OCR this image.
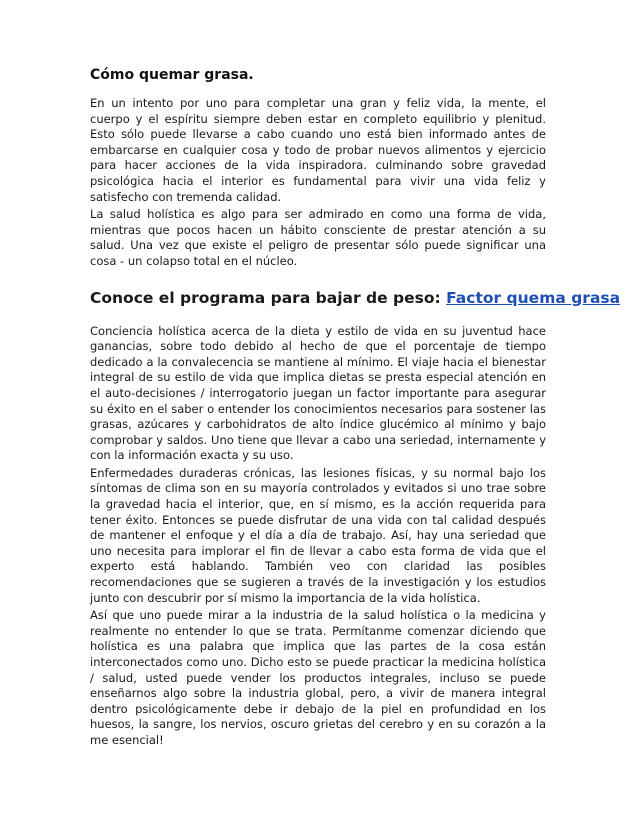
Cómo quemar grasa.

En un intento por uno para completar una gran y feliz vida, la mente, el cuerpo y el espíritu siempre deben estar en completo equilibrio y plenitud. Esto sólo puede llevarse a cabo cuando uno está bien informado antes de embarcarse en cualquier cosa y todo de probar nuevos alimentos y ejercicio para hacer acciones de la vida inspiradora. culminando sobre gravedad psicológica hacia el interior es fundamental para vivir una vida feliz y satisfecho con tremenda calidad.

La salud holística es algo para ser admirado en como una forma de vida, mientras que pocos hacen un hábito consciente de prestar atención a su salud. Una vez que existe el peligro de presentar sólo puede significar una cosa - un colapso total en el núcleo.

Conoce el programa para bajar de peso: Factor quema grasa

Conciencia holística acerca de la dieta y estilo de vida en su juventud hace ganancias, sobre todo debido al hecho de que el porcentaje de tiempo dedicado a la convalecencia se mantiene al mínimo. El viaje hacia el bienestar integral de su estilo de vida que implica dietas se presta especial atención en el auto-decisiones / interrogatorio juegan un factor importante para asegurar su éxito en el saber o entender los conocimientos necesarios para sostener las grasas, azúcares y carbohidratos de alto índice glucémico al mínimo y bajo comprobar y saldos. Uno tiene que llevar a cabo una seriedad, internamente y con la información exacta y su uso.

Enfermedades duraderas crónicas, las lesiones físicas, y su normal bajo los síntomas de clima son en su mayoría controlados y evitados si uno trae sobre la gravedad hacia el interior, que, en sí mismo, es la acción requerida para tener éxito. Entonces se puede disfrutar de una vida con tal calidad después de mantener el enfoque y el día a día de trabajo. Así, hay una seriedad que uno necesita para implorar el fin de llevar a cabo esta forma de vida que el experto está hablando. También veo con claridad las posibles recomendaciones que se sugieren a través de la investigación y los estudios junto con descubrir por sí mismo la importancia de la vida holística.

Así que uno puede mirar a la industria de la salud holística o la medicina y realmente no entender lo que se trata. Permítanme comenzar diciendo que holística es una palabra que implica que las partes de la cosa están interconectados como uno. Dicho esto se puede practicar la medicina holística / salud, usted puede vender los productos integrales, incluso se puede enseñarnos algo sobre la industria global, pero, a vivir de manera integral dentro psicológicamente debe ir debajo de la piel en profundidad en los huesos, la sangre, los nervios, oscuro grietas del cerebro y en su corazón a la me esencial!
